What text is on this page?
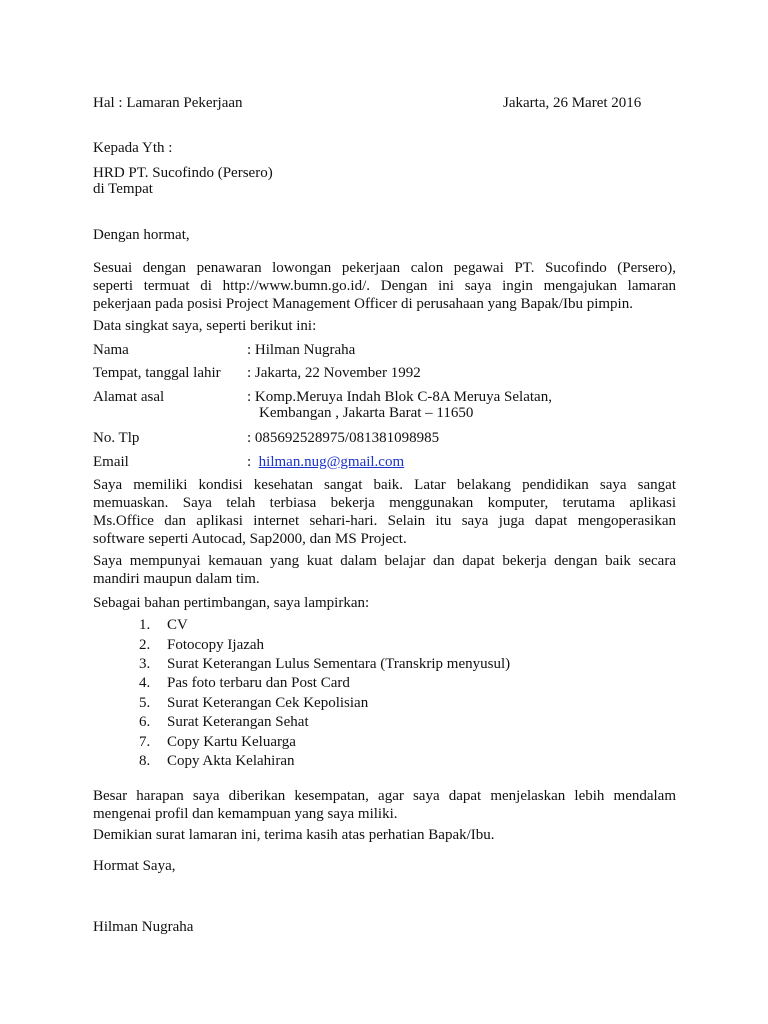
Hal : Lamaran Pekerjaan	Jakarta, 26 Maret 2016
Kepada Yth :
HRD PT. Sucofindo (Persero)
di Tempat
Dengan hormat,

Sesuai dengan penawaran lowongan pekerjaan calon pegawai PT. Sucofindo (Persero),

seperti termuat di http://www.bumn.go.id/. Dengan ini saya ingin mengajukan lamaran

pekerjaan pada posisi Project Management Officer di perusahaan yang Bapak/Ibu pimpin.

Data singkat saya, seperti berikut ini:
Nama	: Hilman Nugraha
Tempat, tanggal lahir : Jakarta, 22 November 1992
Alamat asal	: Komp.Meruya Indah Blok C-8A Meruya Selatan,
Kembangan , Jakarta Barat – 11650
No. Tlp	: 085692528975/081381098985
Email	:  hilman.nug@gmail.com

Saya memiliki kondisi kesehatan sangat baik. Latar belakang pendidikan saya sangat

memuaskan. Saya telah terbiasa bekerja menggunakan komputer, terutama aplikasi

Ms.Office dan aplikasi internet sehari-hari. Selain itu saya juga dapat mengoperasikan

software seperti Autocad, Sap2000, dan MS Project.

Saya mempunyai kemauan yang kuat dalam belajar dan dapat bekerja dengan baik secara

mandiri maupun dalam tim.

Sebagai bahan pertimbangan, saya lampirkan:
1. CV
2. Fotocopy Ijazah
3. Surat Keterangan Lulus Sementara (Transkrip menyusul)
4. Pas foto terbaru dan Post Card
5. Surat Keterangan Cek Kepolisian
6. Surat Keterangan Sehat
7. Copy Kartu Keluarga
8. Copy Akta Kelahiran

Besar harapan saya diberikan kesempatan, agar saya dapat menjelaskan lebih mendalam

mengenai profil dan kemampuan yang saya miliki.

Demikian surat lamaran ini, terima kasih atas perhatian Bapak/Ibu.
Hormat Saya,
Hilman Nugraha
